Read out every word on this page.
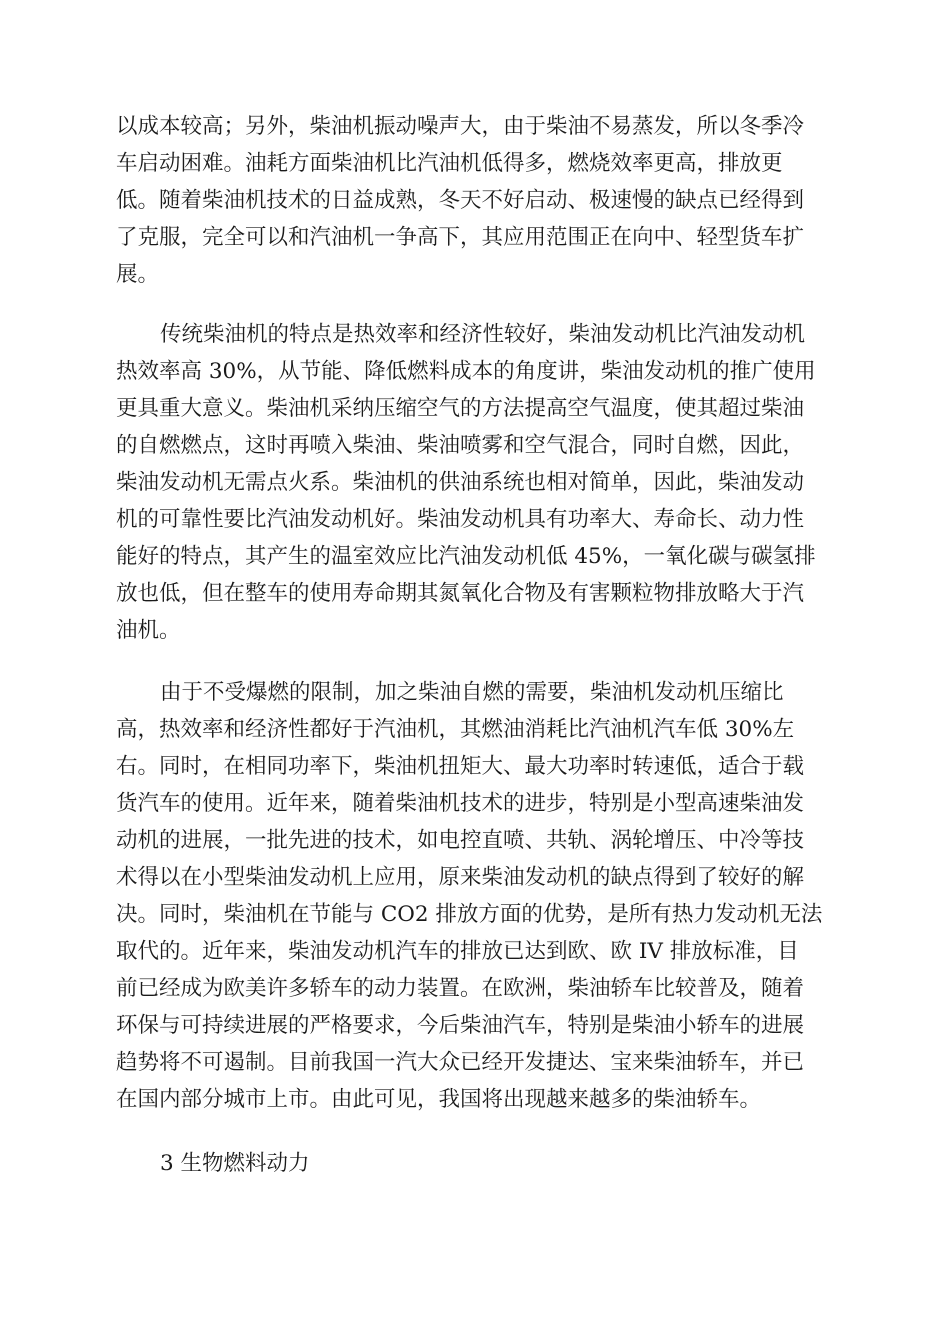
以成本较高；另外，柴油机振动噪声大，由于柴油不易蒸发，所以冬季冷
车启动困难。油耗方面柴油机比汽油机低得多，燃烧效率更高，排放更
低。随着柴油机技术的日益成熟，冬天不好启动、极速慢的缺点已经得到
了克服，完全可以和汽油机一争高下，其应用范围正在向中、轻型货车扩
展。
传统柴油机的特点是热效率和经济性较好，柴油发动机比汽油发动机
热效率高 30%，从节能、降低燃料成本的角度讲，柴油发动机的推广使用
更具重大意义。柴油机采纳压缩空气的方法提高空气温度，使其超过柴油
的自燃燃点，这时再喷入柴油、柴油喷雾和空气混合，同时自燃，因此，
柴油发动机无需点火系。柴油机的供油系统也相对简单，因此，柴油发动
机的可靠性要比汽油发动机好。柴油发动机具有功率大、寿命长、动力性
能好的特点，其产生的温室效应比汽油发动机低 45%，一氧化碳与碳氢排
放也低，但在整车的使用寿命期其氮氧化合物及有害颗粒物排放略大于汽
油机。
由于不受爆燃的限制，加之柴油自燃的需要，柴油机发动机压缩比
高，热效率和经济性都好于汽油机，其燃油消耗比汽油机汽车低 30%左
右。同时，在相同功率下，柴油机扭矩大、最大功率时转速低，适合于载
货汽车的使用。近年来，随着柴油机技术的进步，特别是小型高速柴油发
动机的进展，一批先进的技术，如电控直喷、共轨、涡轮增压、中冷等技
术得以在小型柴油发动机上应用，原来柴油发动机的缺点得到了较好的解
决。同时，柴油机在节能与 CO2 排放方面的优势，是所有热力发动机无法
取代的。近年来，柴油发动机汽车的排放已达到欧、欧 IV 排放标准，目
前已经成为欧美许多轿车的动力装置。在欧洲，柴油轿车比较普及，随着
环保与可持续进展的严格要求，今后柴油汽车，特别是柴油小轿车的进展
趋势将不可遏制。目前我国一汽大众已经开发捷达、宝来柴油轿车，并已
在国内部分城市上市。由此可见，我国将出现越来越多的柴油轿车。
3 生物燃料动力
